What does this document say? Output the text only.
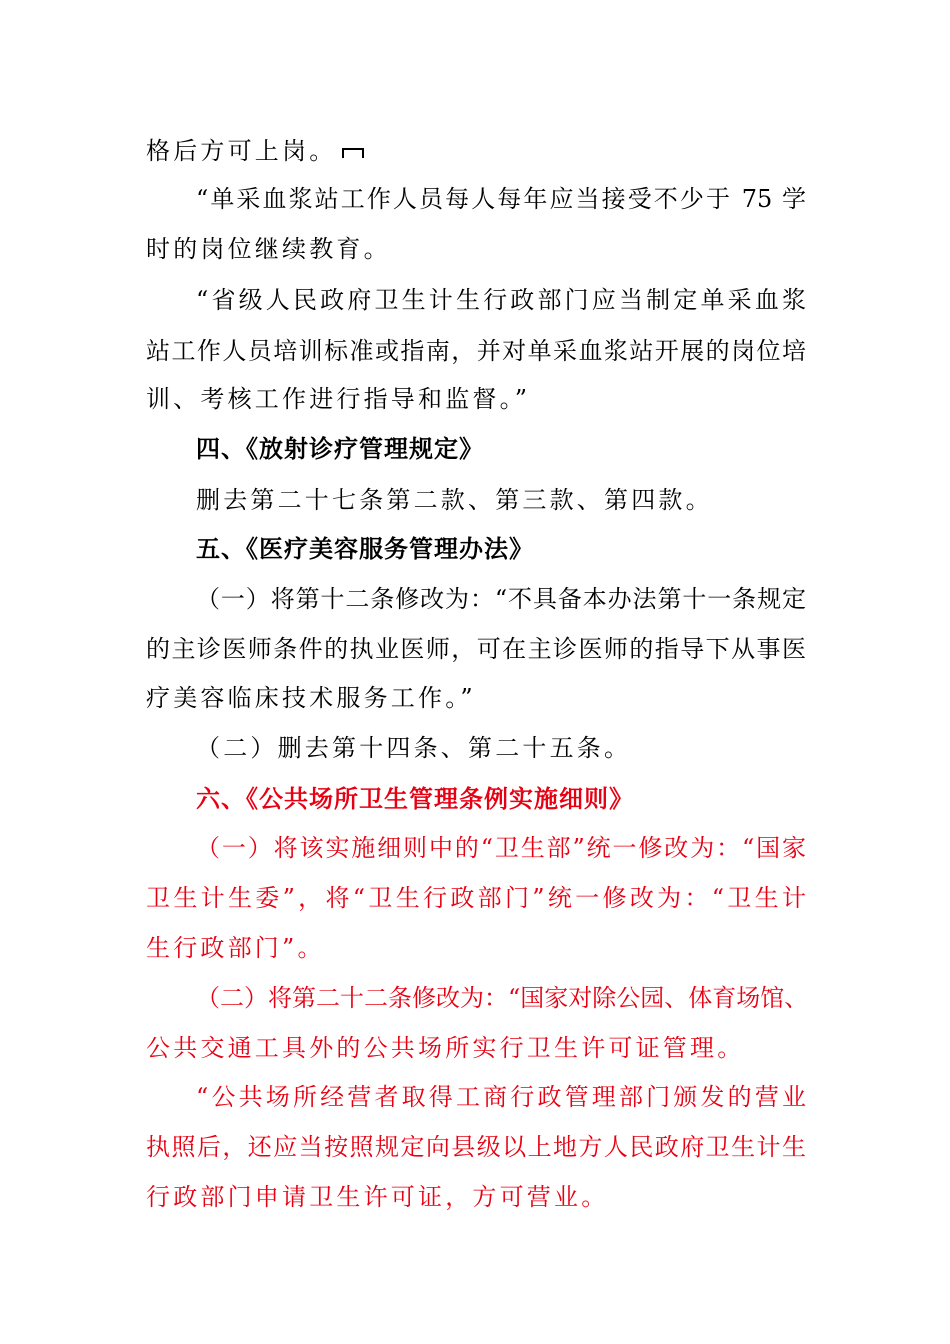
格后方可上岗。
“单采血浆站工作人员每人每年应当接受不少于 75 学
时的岗位继续教育。
“省级人民政府卫生计生行政部门应当制定单采血浆
站工作人员培训标准或指南，并对单采血浆站开展的岗位培
训、考核工作进行指导和监督。”
四、《放射诊疗管理规定》
删去第二十七条第二款、第三款、第四款。
五、《医疗美容服务管理办法》
（一）将第十二条修改为：“不具备本办法第十一条规定
的主诊医师条件的执业医师，可在主诊医师的指导下从事医
疗美容临床技术服务工作。”
（二）删去第十四条、第二十五条。
六、《公共场所卫生管理条例实施细则》
（一）将该实施细则中的“卫生部”统一修改为：“国家
卫生计生委”，将“卫生行政部门”统一修改为：“卫生计
生行政部门”。
（二）将第二十二条修改为：“国家对除公园、体育场馆、
公共交通工具外的公共场所实行卫生许可证管理。
“公共场所经营者取得工商行政管理部门颁发的营业
执照后，还应当按照规定向县级以上地方人民政府卫生计生
行政部门申请卫生许可证，方可营业。
